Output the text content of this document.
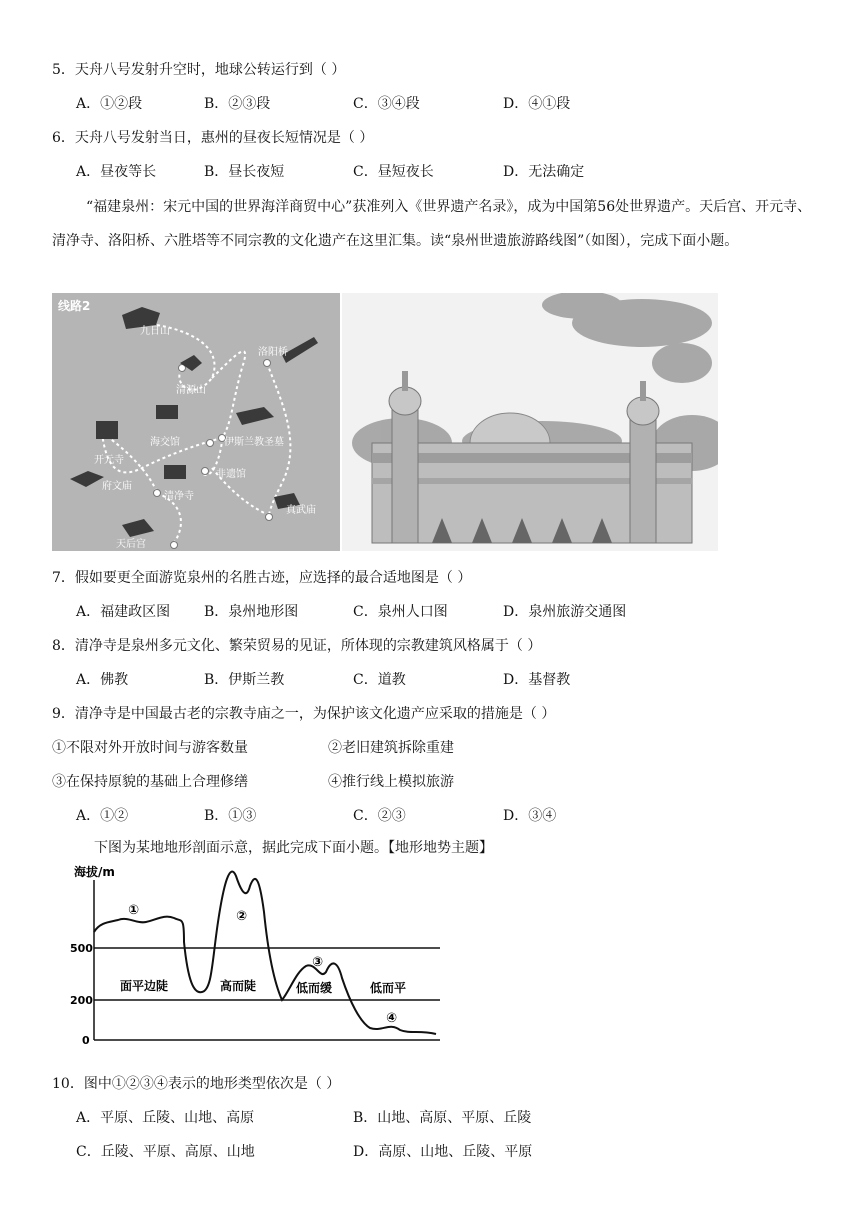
5．天舟八号发射升空时，地球公转运行到（ ）
A．①②段	B．②③段	C．③④段	D．④①段
6．天舟八号发射当日，惠州的昼夜长短情况是（ ）
A．昼夜等长	B．昼长夜短	C．昼短夜长	D．无法确定
“福建泉州：宋元中国的世界海洋商贸中心”获准列入《世界遗产名录》，成为中国第56处世界遗产。天后宫、开元寺、清净寺、洛阳桥、六胜塔等不同宗教的文化遗产在这里汇集。读“泉州世遗旅游路线图”（如图），完成下面小题。
线路2
九日山
清源山
洛阳桥
海交馆	伊斯兰教圣墓
开元寺
府文庙
清净寺
非遗馆
真武庙
天后宫
7．假如要更全面游览泉州的名胜古迹，应选择的最合适地图是（ ）
A．福建政区图 B．泉州地形图	C．泉州人口图	D．泉州旅游交通图
8．清净寺是泉州多元文化、繁荣贸易的见证，所体现的宗教建筑风格属于（ ）
A．佛教	B．伊斯兰教	C．道教	D．基督教
9．清净寺是中国最古老的宗教寺庙之一，为保护该文化遗产应采取的措施是（ ）
①不限对外开放时间与游客数量	②老旧建筑拆除重建
③在保持原貌的基础上合理修缮	④推行线上模拟旅游
A．①②	B．①③	C．②③	D．③④
下图为某地地形剖面示意，据此完成下面小题。【地形地势主题】
海拔/m
500
200
0
面平边陡	高而陡	低而缓	低而平
①	②
③
④
10．图中①②③④表示的地形类型依次是（ ）
A．平原、丘陵、山地、高原	B．山地、高原、平原、丘陵
C．丘陵、平原、高原、山地	D．高原、山地、丘陵、平原
